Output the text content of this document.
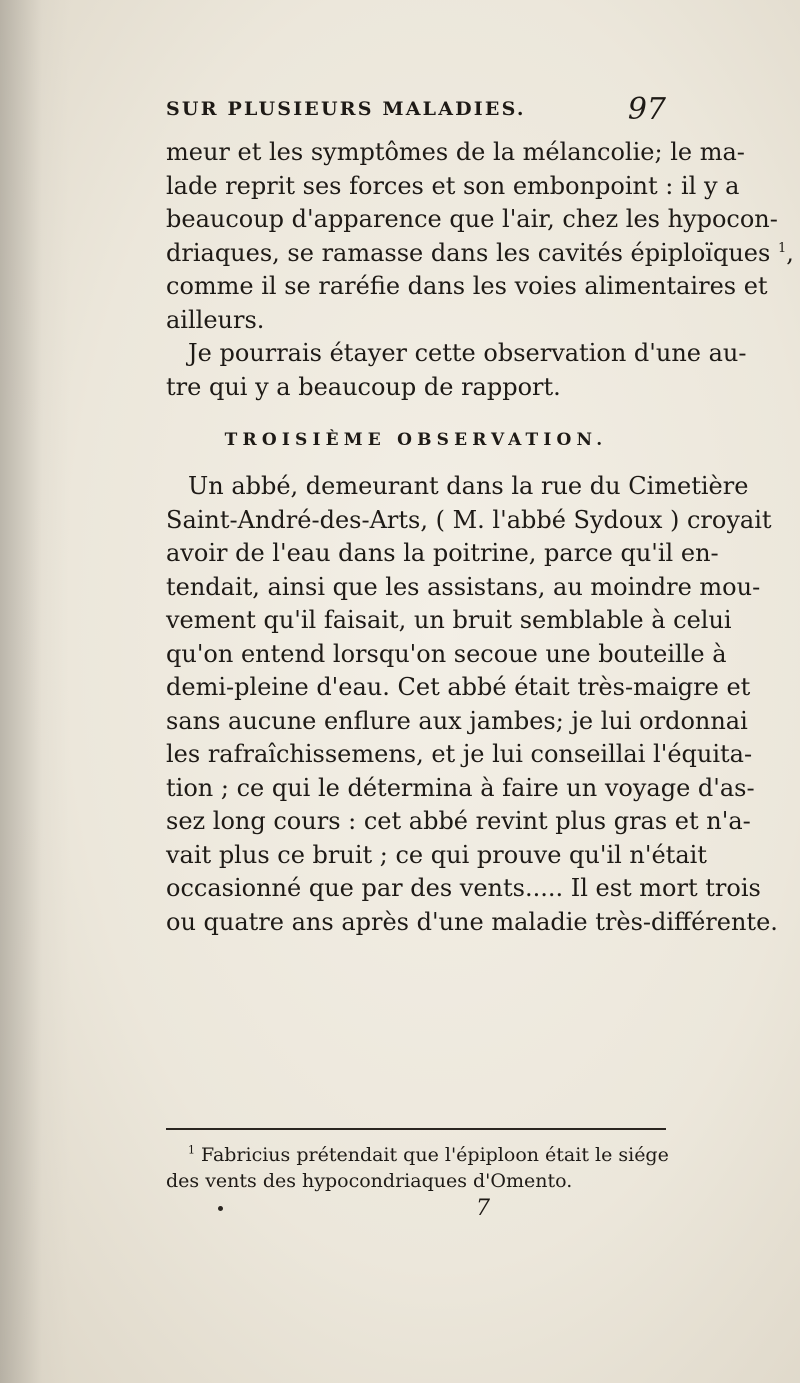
SUR PLUSIEURS MALADIES.	97
meur et les symptômes de la mélancolie; le ma-
lade reprit ses forces et son embonpoint : il y a
beaucoup d'apparence que l'air, chez les hypocon-
driaques, se ramasse dans les cavités épiploïques $^1$,
comme il se raréfie dans les voies alimentaires et
ailleurs.
Je pourrais étayer cette observation d'une au-
tre qui y a beaucoup de rapport.
TROISIÈME OBSERVATION.
Un abbé, demeurant dans la rue du Cimetière
Saint-André-des-Arts, ( M. l'abbé Sydoux ) croyait
avoir de l'eau dans la poitrine, parce qu'il en-
tendait, ainsi que les assistans, au moindre mou-
vement qu'il faisait, un bruit semblable à celui
qu'on entend lorsqu'on secoue une bouteille à
demi-pleine d'eau. Cet abbé était très-maigre et
sans aucune enflure aux jambes; je lui ordonnai
les rafraîchissemens, et je lui conseillai l'équita-
tion ; ce qui le détermina à faire un voyage d'as-
sez long cours : cet abbé revint plus gras et n'a-
vait plus ce bruit ; ce qui prouve qu'il n'était
occasionné que par des vents..... Il est mort trois
ou quatre ans après d'une maladie très-différente.
$^1$ Fabricius prétendait que l'épiploon était le siége
des vents des hypocondriaques d'Omento.
7
